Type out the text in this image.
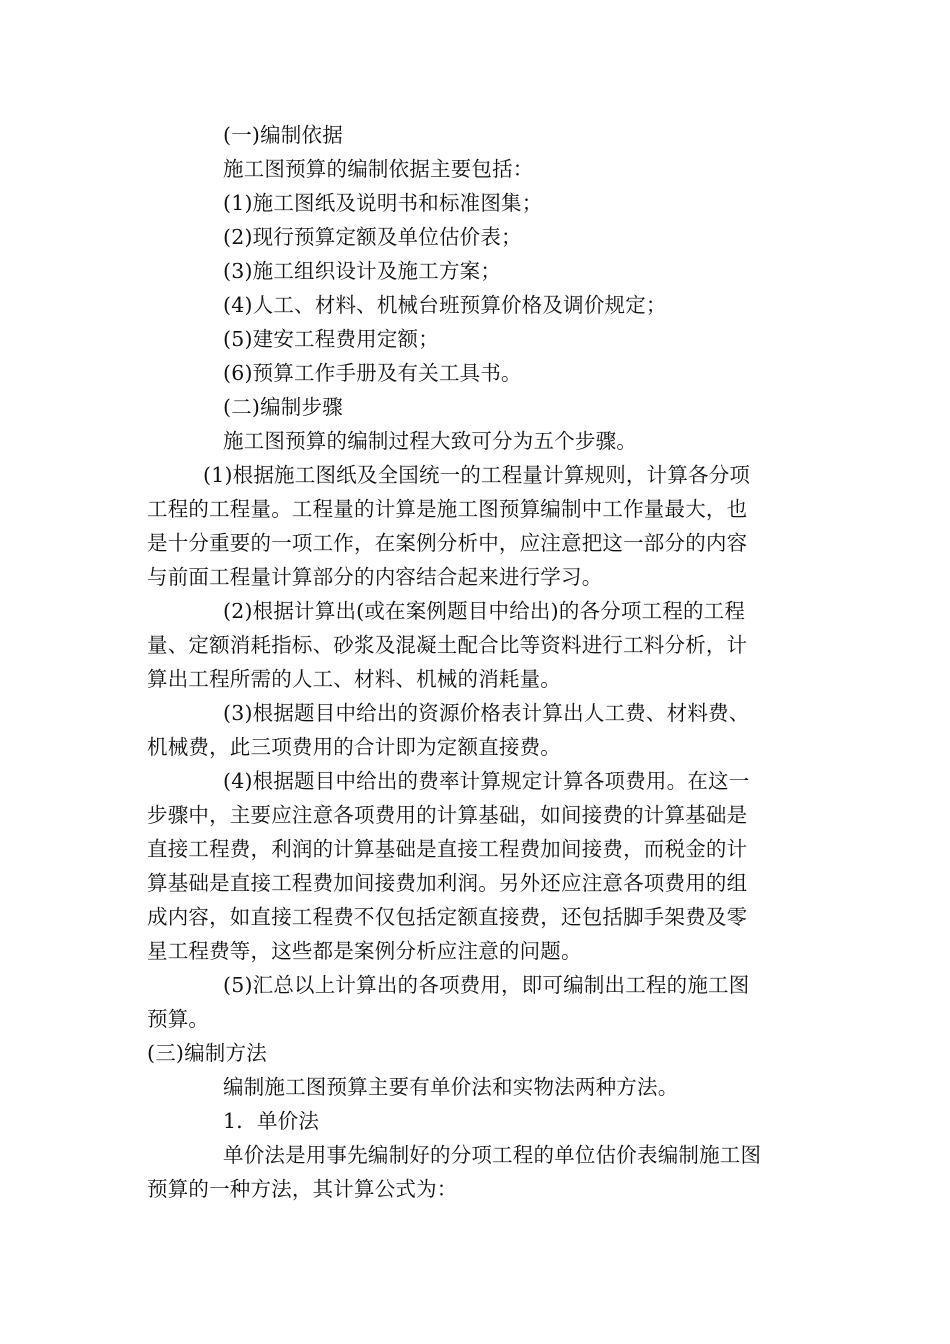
(一)编制依据
施工图预算的编制依据主要包括：
(1)施工图纸及说明书和标准图集；
(2)现行预算定额及单位估价表；
(3)施工组织设计及施工方案；
(4)人工、材料、机械台班预算价格及调价规定；
(5)建安工程费用定额；
(6)预算工作手册及有关工具书。
(二)编制步骤
施工图预算的编制过程大致可分为五个步骤。
(1)根据施工图纸及全国统一的工程量计算规则，计算各分项
工程的工程量。工程量的计算是施工图预算编制中工作量最大，也
是十分重要的一项工作，在案例分析中，应注意把这一部分的内容
与前面工程量计算部分的内容结合起来进行学习。
(2)根据计算出(或在案例题目中给出)的各分项工程的工程
量、定额消耗指标、砂浆及混凝土配合比等资料进行工料分析，计
算出工程所需的人工、材料、机械的消耗量。
(3)根据题目中给出的资源价格表计算出人工费、材料费、
机械费，此三项费用的合计即为定额直接费。
(4)根据题目中给出的费率计算规定计算各项费用。在这一
步骤中，主要应注意各项费用的计算基础，如间接费的计算基础是
直接工程费，利润的计算基础是直接工程费加间接费，而税金的计
算基础是直接工程费加间接费加利润。另外还应注意各项费用的组
成内容，如直接工程费不仅包括定额直接费，还包括脚手架费及零
星工程费等，这些都是案例分析应注意的问题。
(5)汇总以上计算出的各项费用，即可编制出工程的施工图
预算。
(三)编制方法
编制施工图预算主要有单价法和实物法两种方法。
1．单价法
单价法是用事先编制好的分项工程的单位估价表编制施工图
预算的一种方法，其计算公式为：
